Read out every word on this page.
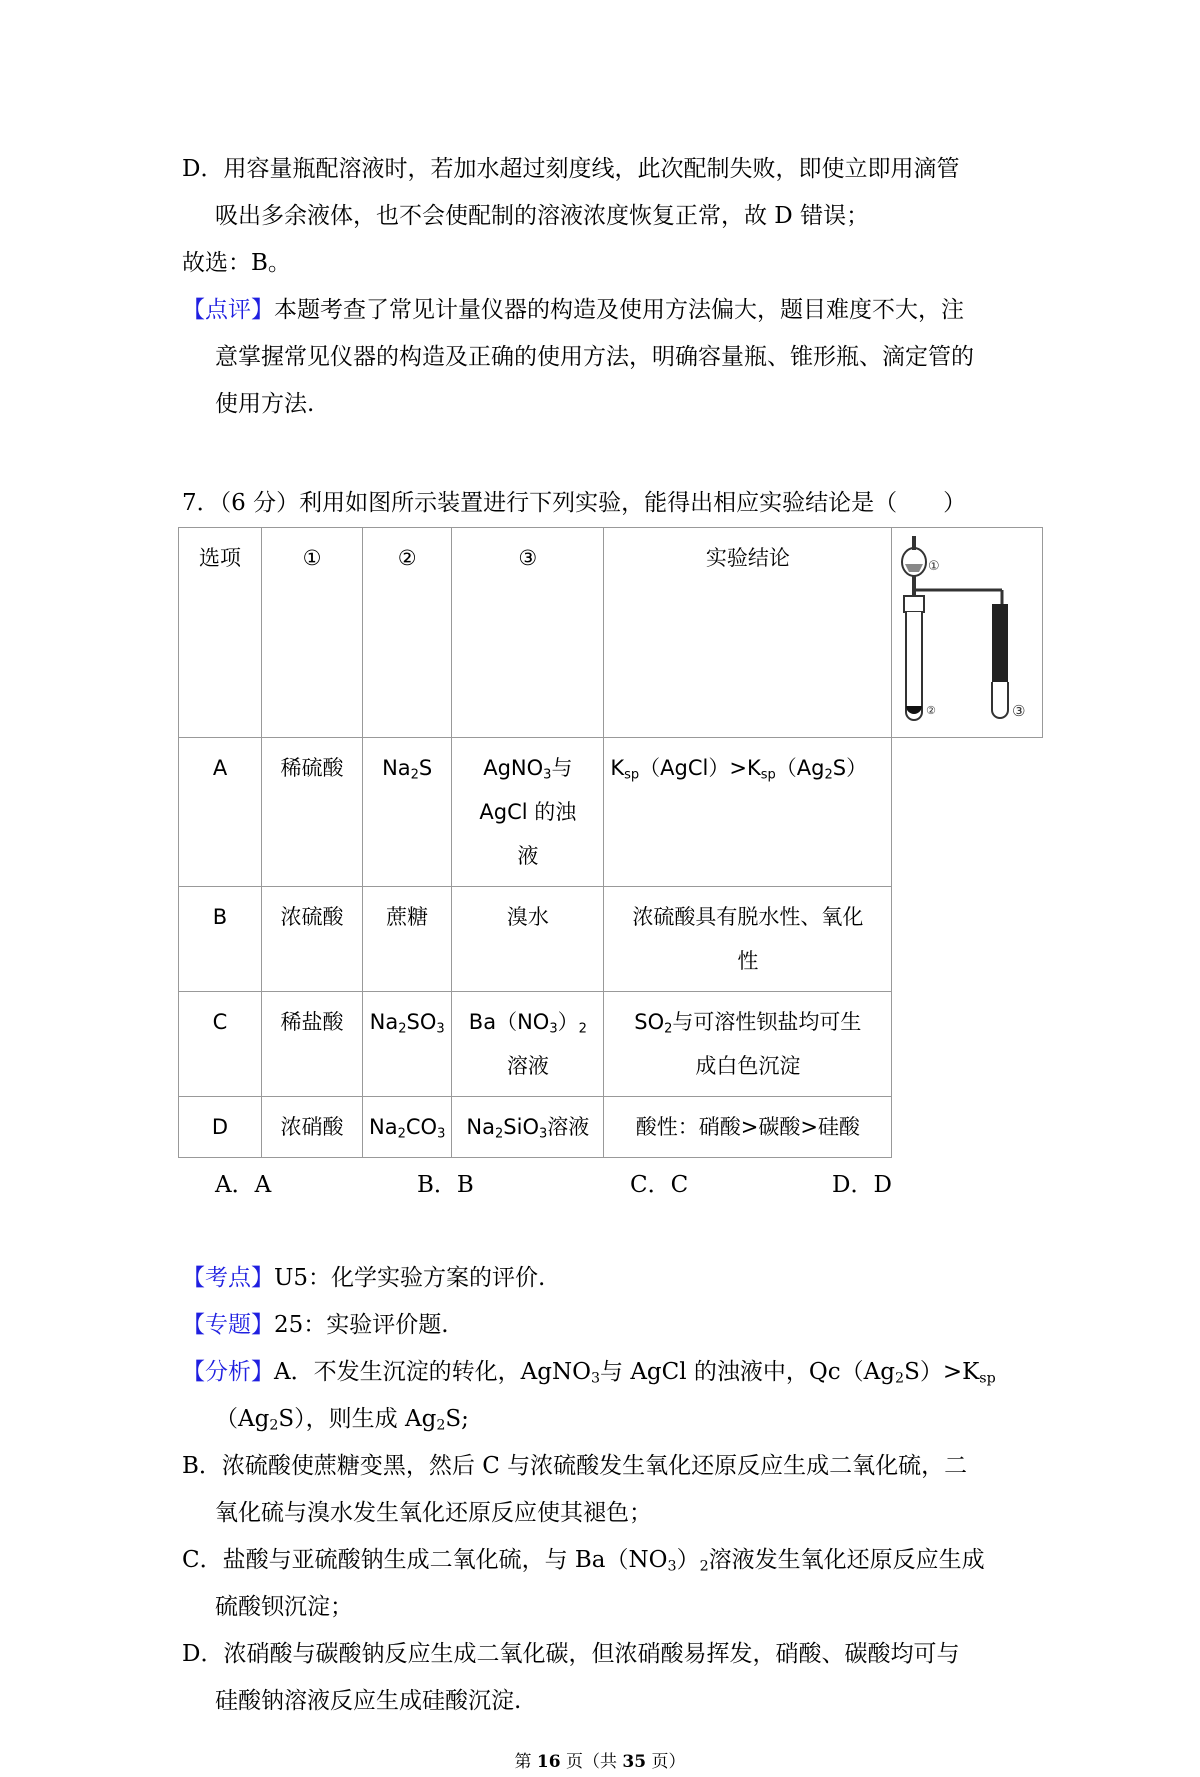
D．用容量瓶配溶液时，若加水超过刻度线，此次配制失败，即使立即用滴管
吸出多余液体，也不会使配制的溶液浓度恢复正常，故 D 错误；
故选：B。
【点评】本题考查了常见计量仪器的构造及使用方法偏大，题目难度不大，注
意掌握常见仪器的构造及正确的使用方法，明确容量瓶、锥形瓶、滴定管的
使用方法.
7．（6 分）利用如图所示装置进行下列实验，能得出相应实验结论是（　　）
选项	①	②	③	实验结论	①
② ③

A	稀硫酸	$Na_2S$	AgNO$_3$与
AgCl 的浊
液	$K_{sp}(AgCl)>K_{sp}(Ag_2S)$	
B	浓硫酸	蔗糖	溴水	浓硫酸具有脱水性、氧化
性	
C	稀盐酸	$Na_2SO_3$	$Ba(NO_3)_2$
溶液	$SO_2$与可溶性钡盐均可生
成白色沉淀	
D	浓硝酸	$Na_2CO_3$	$Na_2SiO_3$溶液	酸性：硝酸>碳酸>硅酸	
A．A	B．B	C．C	D．D
【考点】U5：化学实验方案的评价.
【专题】25：实验评价题.
【分析】A．不发生沉淀的转化，AgNO$_3$与 AgCl 的浊液中，$Qc(Ag_2S)>K_{sp}$
$(Ag_2S)$，则生成 $Ag_2S$;
B．浓硫酸使蔗糖变黑，然后 C 与浓硫酸发生氧化还原反应生成二氧化硫，二
氧化硫与溴水发生氧化还原反应使其褪色；
C．盐酸与亚硫酸钠生成二氧化硫，与 $Ba(NO_3)_2$溶液发生氧化还原反应生成
硫酸钡沉淀；
D．浓硝酸与碳酸钠反应生成二氧化碳，但浓硝酸易挥发，硝酸、碳酸均可与
硅酸钠溶液反应生成硅酸沉淀.
第 16 页（共 35 页）
